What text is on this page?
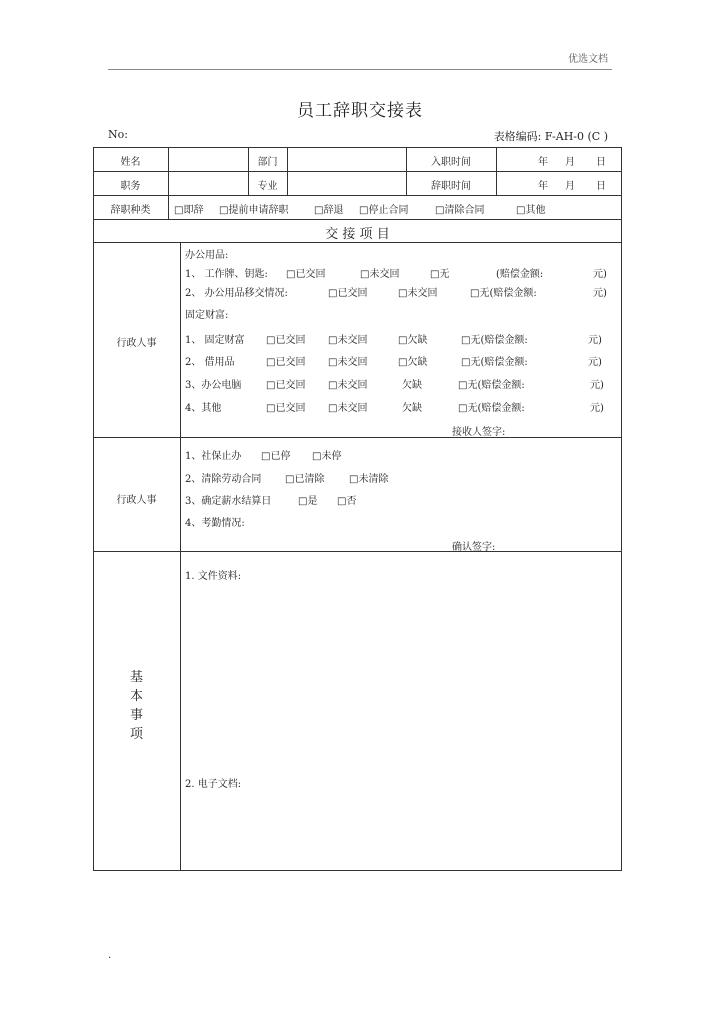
优选文档
员工辞职交接表
No:	表格编码: F-AH-0 (C )
姓名	部门	入职时间	年 月 日
职务	专业	辞职时间	年 月 日
辞职种类	□即辞 □提前申请辞职	□辞退 □停止合同	□清除合同	□其他
交 接 项 目
行政人事
办公用品:
1、 工作牌、钥匙: □已交回	□未交回	□无	(赔偿金额:	元)
2、 办公用品移交情况:	□已交回	□未交回	□无(赔偿金额:	元)
固定财富:
1、 固定财富 □已交回 □未交回	□欠缺	□无(赔偿金额:	元)
2、 借用品	□已交回 □未交回	□欠缺	□无(赔偿金额:	元)
3、办公电脑 □已交回 □未交回	欠缺	□无(赔偿金额:	元)
4、其他	□已交回 □未交回	欠缺	□无(赔偿金额:	元)
接收人签字:
行政人事
1、社保止办 □已停 □未停
2、清除劳动合同 □已清除 □未清除
3、确定薪水结算日	□是 □否
4、考勤情况:
确认签字:
基
本
事
项
1. 文件资料:
2. 电子文档:
.
